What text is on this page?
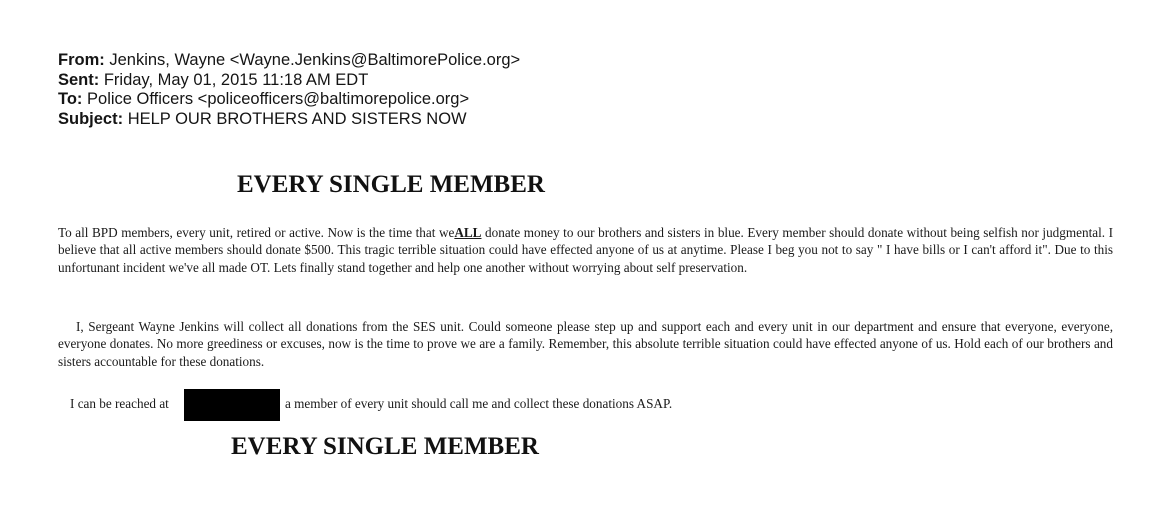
From: Jenkins, Wayne <Wayne.Jenkins@BaltimorePolice.org>
Sent: Friday, May 01, 2015 11:18 AM EDT
To: Police Officers <policeofficers@baltimorepolice.org>
Subject: HELP OUR BROTHERS AND SISTERS NOW
EVERY SINGLE MEMBER
To all BPD members, every unit, retired or active. Now is the time that weALL donate money to our brothers and sisters in blue. Every member should donate without being selfish nor judgmental. I believe that all active members should donate $500. This tragic terrible situation could have effected anyone of us at anytime. Please I beg you not to say " I have bills or I can't afford it". Due to this unfortunant incident we've all made OT. Lets finally stand together and help one another without worrying about self preservation.
I, Sergeant Wayne Jenkins will collect all donations from the SES unit. Could someone please step up and support each and every unit in our department and ensure that everyone, everyone, everyone donates. No more greediness or excuses, now is the time to prove we are a family. Remember, this absolute terrible situation could have effected anyone of us. Hold each of our brothers and sisters accountable for these donations.
I can be reached at	a member of every unit should call me and collect these donations ASAP.
EVERY SINGLE MEMBER
